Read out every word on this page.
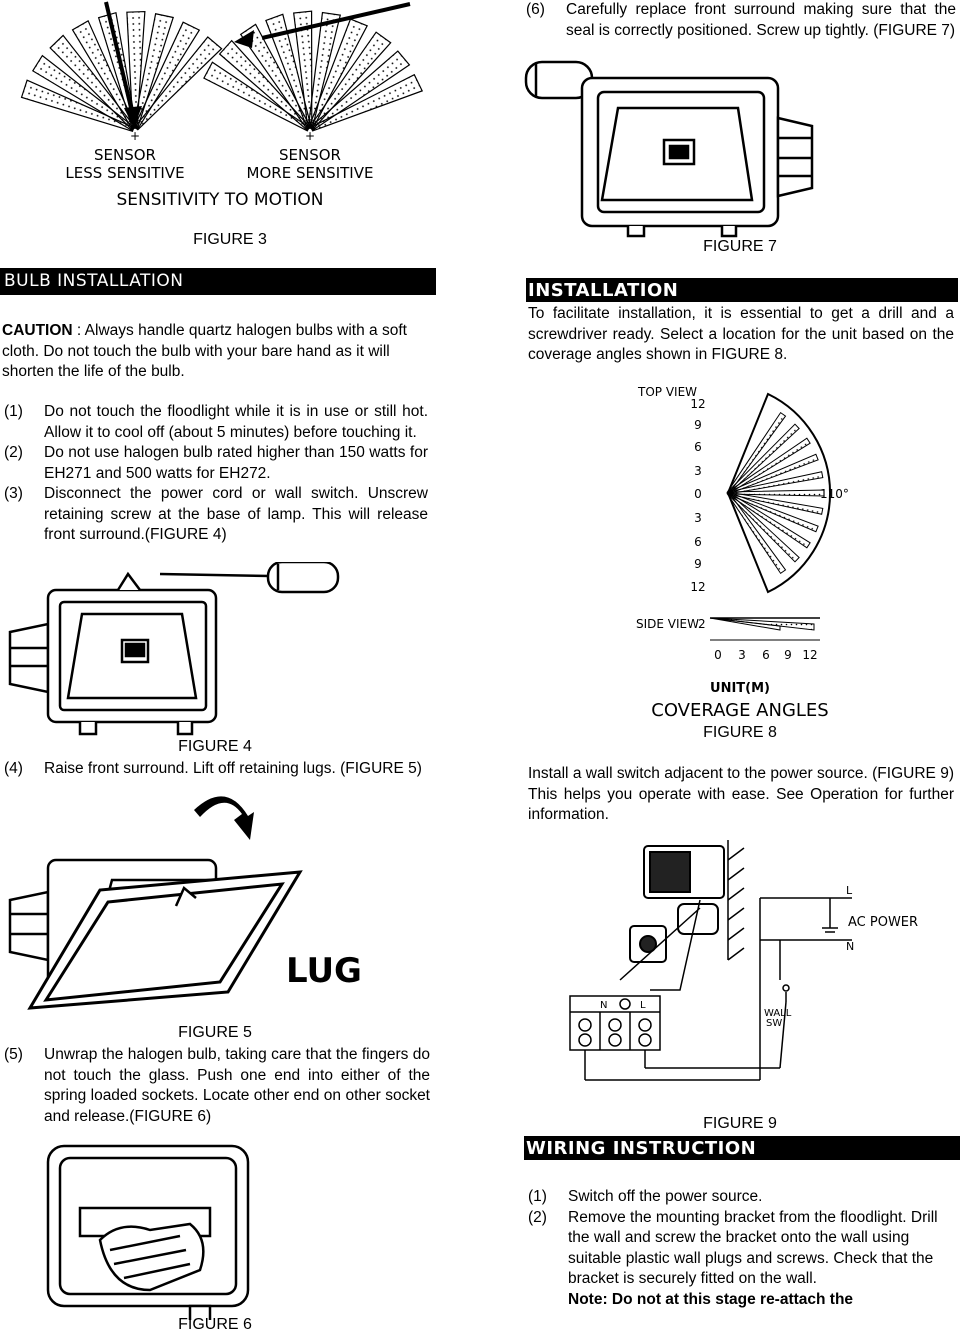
+	+
SENSOR
LESS SENSITIVE
SENSOR
MORE SENSITIVE
SENSITIVITY TO MOTION
FIGURE 3
BULB INSTALLATION
CAUTION : Always handle quartz halogen bulbs with a soft cloth. Do not touch the bulb with your bare hand as it will shorten the life of the bulb.
(1)	Do not touch the floodlight while it is in use or still hot. Allow it to cool off (about 5 minutes) before touching it.
(2)	Do not use halogen bulb rated higher than 150 watts for EH271 and 500 watts for EH272.
(3)	Disconnect the power cord or wall switch. Unscrew retaining screw at the base of lamp. This will release front surround.(FIGURE 4)
FIGURE 4
(4)	Raise front surround. Lift off retaining lugs. (FIGURE 5)
LUG
FIGURE 5
(5)	Unwrap the halogen bulb, taking care that the fingers do not touch the glass. Push one end into either of the spring loaded sockets. Locate other end on other socket and release.(FIGURE 6)
FIGURE 6
(6)	Carefully replace front surround making sure that the seal is correctly positioned. Screw up tightly. (FIGURE 7)
FIGURE 7
INSTALLATION
To facilitate installation, it is essential to get a drill and a screwdriver ready. Select a location for the unit based on the coverage angles shown in FIGURE 8.
TOP VIEW
12
9
6
3
0
3
6
9
12
110°
SIDE VIEW 2
0 3 6 9 12
UNIT(M)
COVERAGE ANGLES
FIGURE 8
Install a wall switch adjacent to the power source. (FIGURE 9) This helps you operate with ease. See Operation for further information.
L
AC POWER
N
N	L
WALL
SW
FIGURE 9
WIRING INSTRUCTION
(1)	Switch off the power source.
(2)	Remove the mounting bracket from the floodlight. Drill the wall and screw the bracket onto the wall using suitable plastic wall plugs and screws. Check that the bracket is securely fitted on the wall.
Note: Do not at this stage re-attach the
